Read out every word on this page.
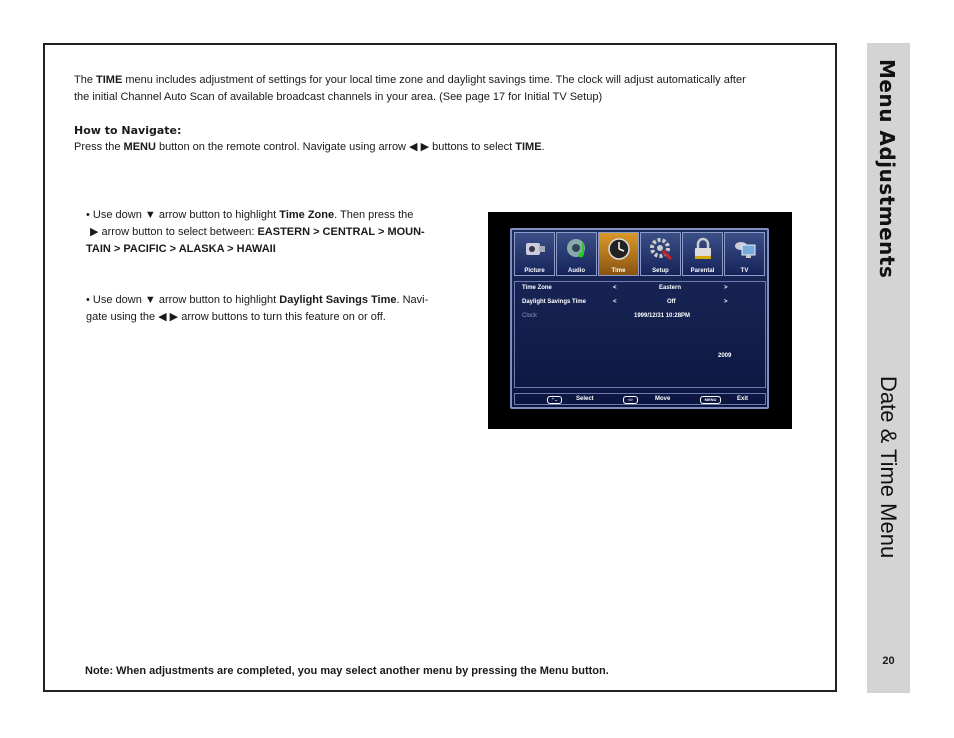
The TIME menu includes adjustment of settings for your local time zone and daylight savings time. The clock will adjust automatically after
the initial Channel Auto Scan of available broadcast channels in your area. (See page 17 for Initial TV Setup)
How to Navigate:
Press the MENU button on the remote control. Navigate using arrow ◀ ▶ buttons to select TIME.
• Use down ▼ arrow button to highlight Time Zone. Then press the
▶ arrow button to select between: EASTERN > CENTRAL > MOUN-
TAIN > PACIFIC > ALASKA > HAWAII
• Use down ▼ arrow button to highlight Daylight Savings Time. Navi-
gate using the ◀ ▶ arrow buttons to turn this feature on or off.
Note: When adjustments are completed, you may select another menu by pressing the Menu button.
Menu Adjustments
Date & Time Menu
20
Picture	Audio	Time	Setup	Parental	TV
Time Zone	<	Eastern	>
Daylight Savings Time	<	Off	>
Clock	1999/12/31 10:28PM
2009
⌃⌄	Select	<>	Move	MENU	Exit
